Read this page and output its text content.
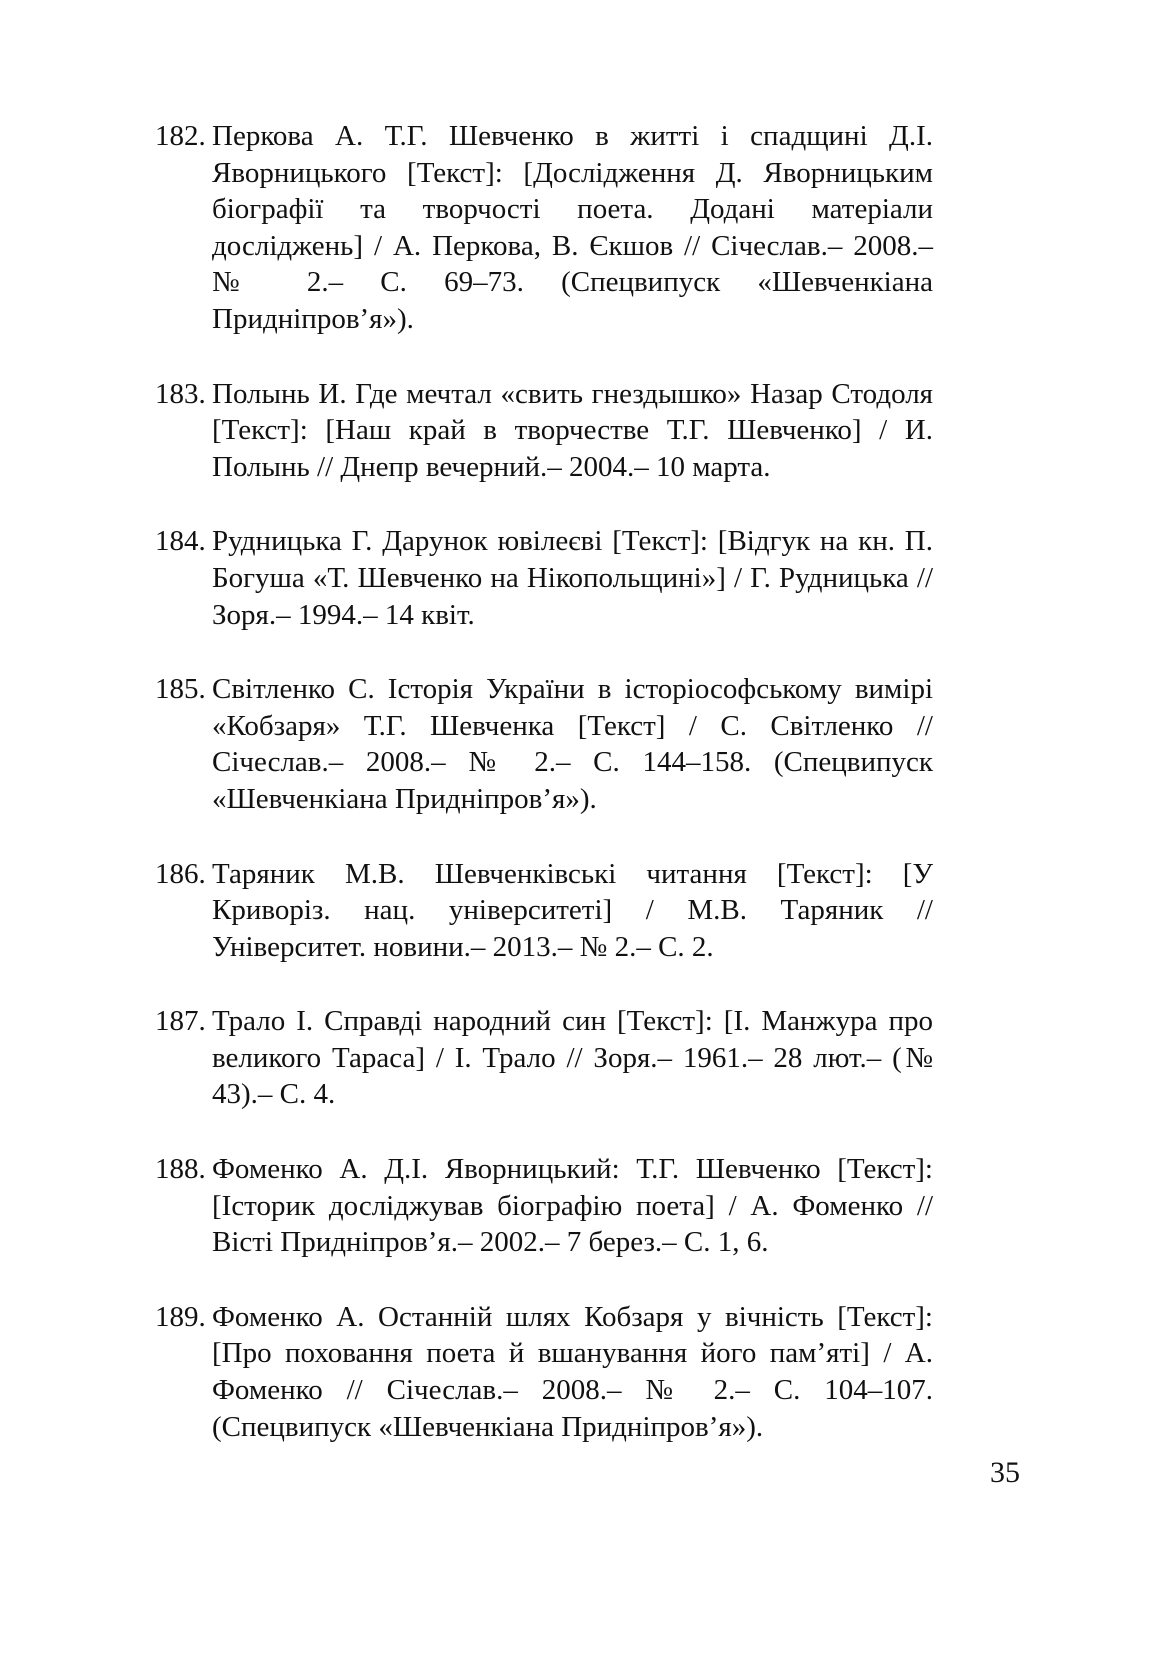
182. Перкова А. Т.Г. Шевченко в житті і спадщині Д.І. Яворницького [Текст]: [Дослідження Д. Яворницьким біографії та творчості поета. Додані матеріали досліджень] / А. Перкова, В. Єкшов // Січеслав.– 2008.– № 2.– С. 69–73. (Спецвипуск «Шевченкіана Придніпров’я»).
183. Полынь И. Где мечтал «свить гнездышко» Назар Стодоля [Текст]: [Наш край в творчестве Т.Г. Шевченко] / И. Полынь // Днепр вечерний.– 2004.– 10 марта.
184. Рудницька Г. Дарунок ювілеєві [Текст]: [Відгук на кн. П. Богуша «Т. Шевченко на Нікопольщині»] / Г. Рудницька // Зоря.– 1994.– 14 квіт.
185. Світленко С. Історія України в історіософському вимірі «Кобзаря» Т.Г. Шевченка [Текст] / С. Світленко // Січеслав.– 2008.– № 2.– С. 144–158. (Спецвипуск «Шевченкіана Придніпров’я»).
186. Таряник М.В. Шевченківські читання [Текст]: [У Криворіз. нац. університеті] / М.В. Таряник // Університет. новини.– 2013.– № 2.– С. 2.
187. Трало І. Справді народний син [Текст]: [І. Манжура про великого Тараса] / І. Трало // Зоря.– 1961.– 28 лют.– (№ 43).– С. 4.
188. Фоменко А. Д.І. Яворницький: Т.Г. Шевченко [Текст]: [Історик досліджував біографію поета] / А. Фоменко // Вісті Придніпров’я.– 2002.– 7 берез.– С. 1, 6.
189. Фоменко А. Останній шлях Кобзаря у вічність [Текст]: [Про поховання поета й вшанування його пам’яті] / А. Фоменко // Січеслав.– 2008.– № 2.– С. 104–107. (Спецвипуск «Шевченкіана Придніпров’я»).
35
